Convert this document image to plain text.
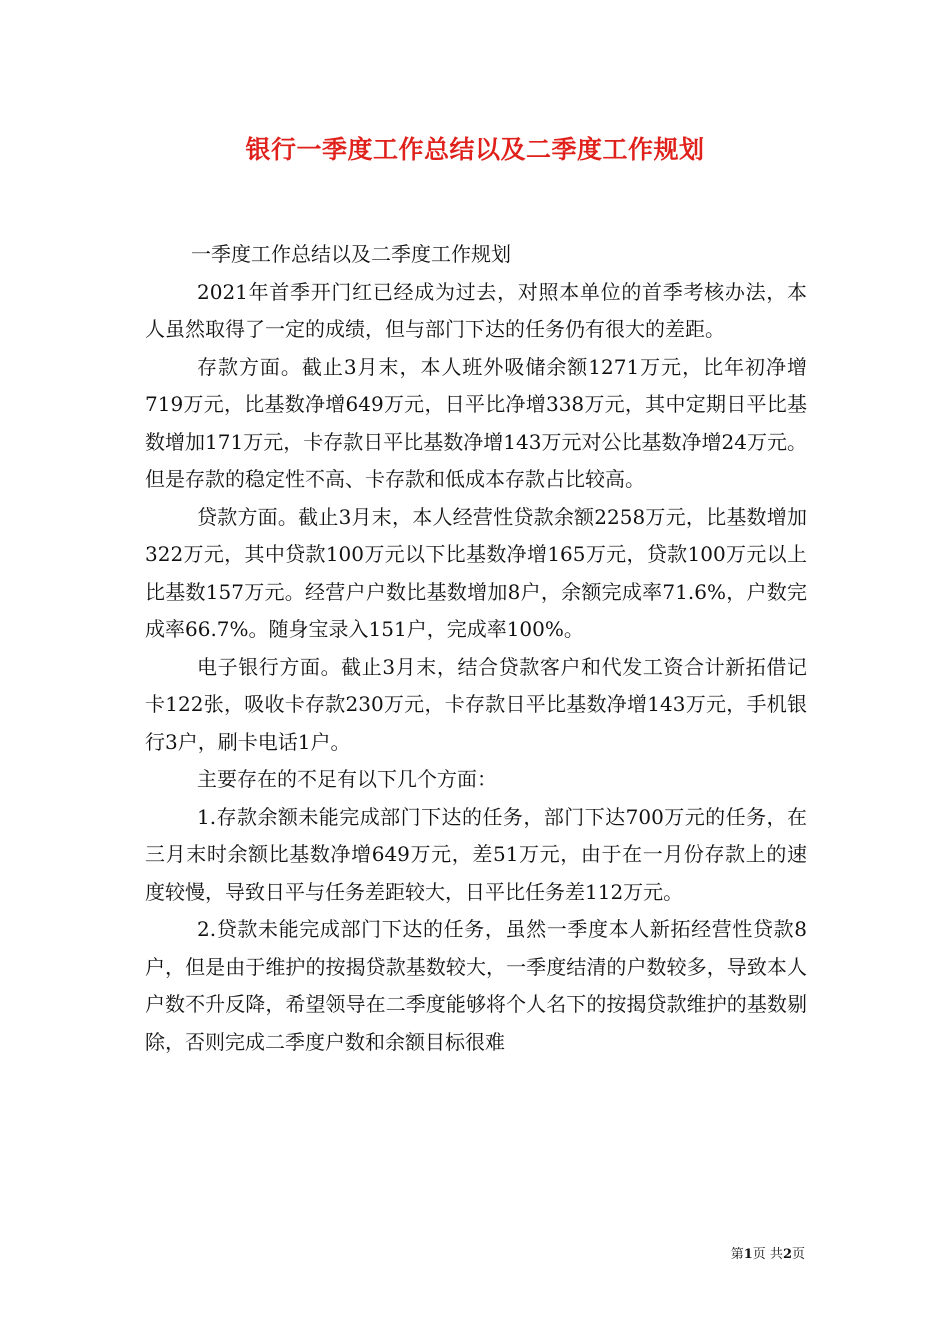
银行一季度工作总结以及二季度工作规划

一季度工作总结以及二季度工作规划

2021年首季开门红已经成为过去，对照本单位的首季考核办法，本人虽然取得了一定的成绩，但与部门下达的任务仍有很大的差距。

存款方面。截止3月末，本人班外吸储余额1271万元，比年初净增719万元，比基数净增649万元，日平比净增338万元，其中定期日平比基数增加171万元，卡存款日平比基数净增143万元对公比基数净增24万元。但是存款的稳定性不高、卡存款和低成本存款占比较高。

贷款方面。截止3月末，本人经营性贷款余额2258万元，比基数增加322万元，其中贷款100万元以下比基数净增165万元，贷款100万元以上比基数157万元。经营户户数比基数增加8户，余额完成率71.6%，户数完成率66.7%。随身宝录入151户，完成率100%。

电子银行方面。截止3月末，结合贷款客户和代发工资合计新拓借记卡122张，吸收卡存款230万元，卡存款日平比基数净增143万元，手机银行3户，刷卡电话1户。

主要存在的不足有以下几个方面：

1.存款余额未能完成部门下达的任务，部门下达700万元的任务，在三月末时余额比基数净增649万元，差51万元，由于在一月份存款上的速度较慢，导致日平与任务差距较大，日平比任务差112万元。

2.贷款未能完成部门下达的任务，虽然一季度本人新拓经营性贷款8户，但是由于维护的按揭贷款基数较大，一季度结清的户数较多，导致本人户数不升反降，希望领导在二季度能够将个人名下的按揭贷款维护的基数剔除，否则完成二季度户数和余额目标很难

第1页 共2页
